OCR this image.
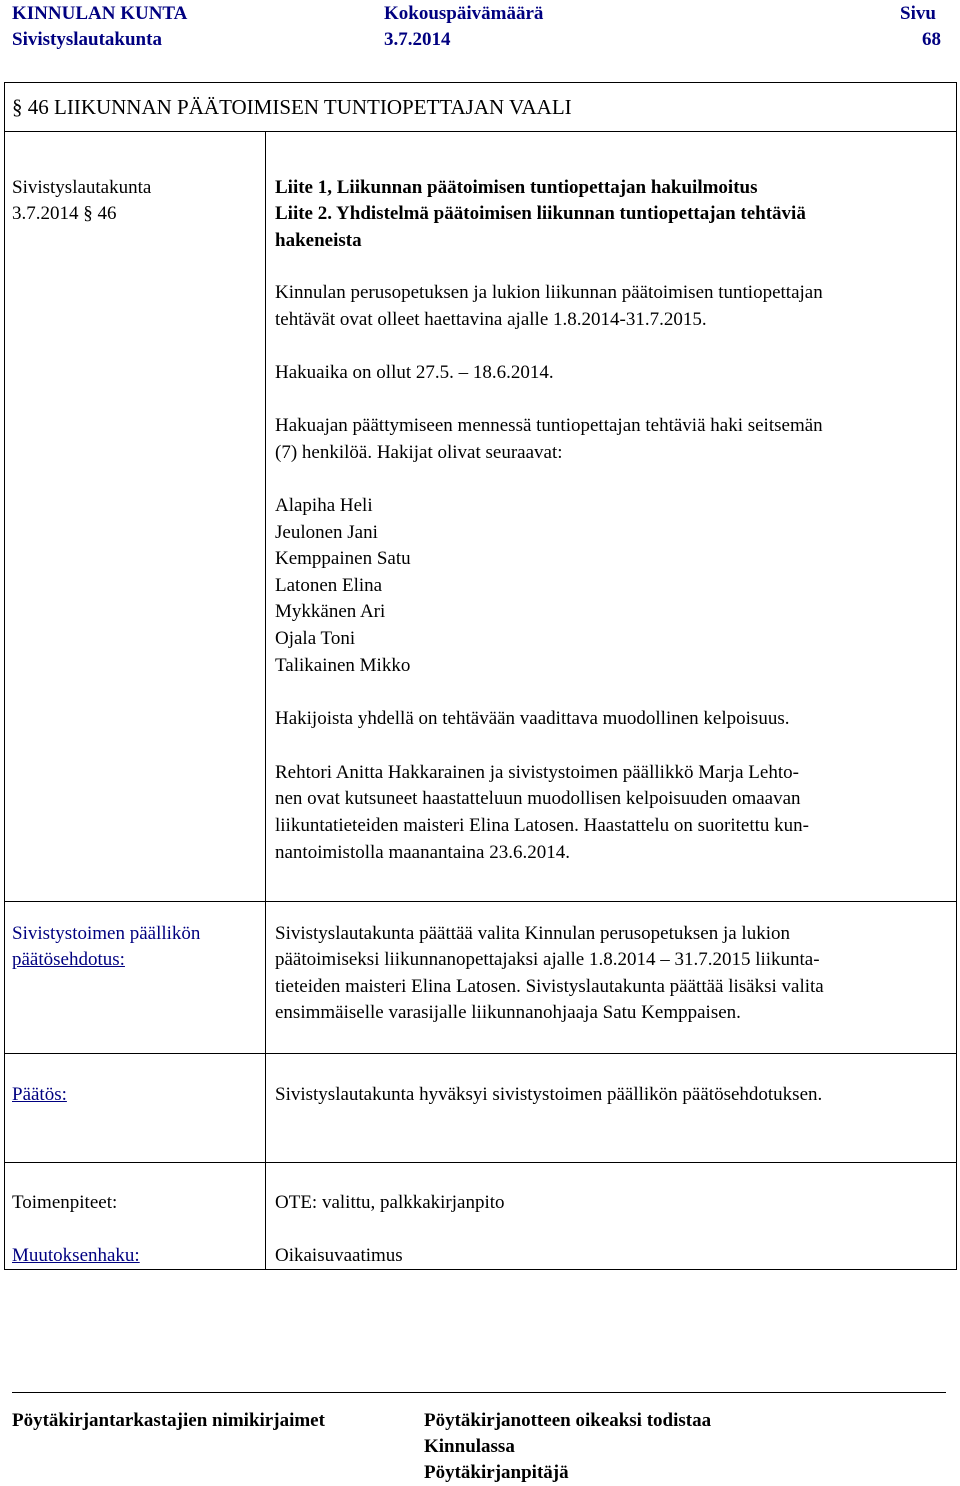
KINNULAN KUNTA
Sivistyslautakunta
Kokouspäivämäärä
3.7.2014
Sivu
68
§ 46 LIIKUNNAN PÄÄTOIMISEN TUNTIOPETTAJAN VAALI
Sivistyslautakunta
3.7.2014 § 46
Liite 1, Liikunnan päätoimisen tuntiopettajan hakuilmoitus
Liite 2. Yhdistelmä päätoimisen liikunnan tuntiopettajan tehtäviä
hakeneista
Kinnulan perusopetuksen ja lukion liikunnan päätoimisen tuntiopettajan
tehtävät ovat olleet haettavina ajalle 1.8.2014-31.7.2015.
Hakuaika on ollut 27.5. – 18.6.2014.
Hakuajan päättymiseen mennessä tuntiopettajan tehtäviä haki seitsemän
(7) henkilöä. Hakijat olivat seuraavat:
Alapiha Heli
Jeulonen Jani
Kemppainen Satu
Latonen Elina
Mykkänen Ari
Ojala Toni
Talikainen Mikko
Hakijoista yhdellä on tehtävään vaadittava muodollinen kelpoisuus.
Rehtori Anitta Hakkarainen ja sivistystoimen päällikkö Marja Lehto-
nen ovat kutsuneet haastatteluun muodollisen kelpoisuuden omaavan
liikuntatieteiden maisteri Elina Latosen. Haastattelu on suoritettu kun-
nantoimistolla maanantaina 23.6.2014.
Sivistystoimen päällikön
päätösehdotus:
Sivistyslautakunta päättää valita Kinnulan perusopetuksen ja lukion
päätoimiseksi liikunnanopettajaksi ajalle 1.8.2014 – 31.7.2015 liikunta-
tieteiden maisteri Elina Latosen. Sivistyslautakunta päättää lisäksi valita
ensimmäiselle varasijalle liikunnanohjaaja Satu Kemppaisen.
Päätös:	Sivistyslautakunta hyväksyi sivistystoimen päällikön päätösehdotuksen.
Toimenpiteet:	OTE: valittu, palkkakirjanpito
Muutoksenhaku:	Oikaisuvaatimus
Pöytäkirjantarkastajien nimikirjaimet	Pöytäkirjanotteen oikeaksi todistaa
Kinnulassa
Pöytäkirjanpitäjä
